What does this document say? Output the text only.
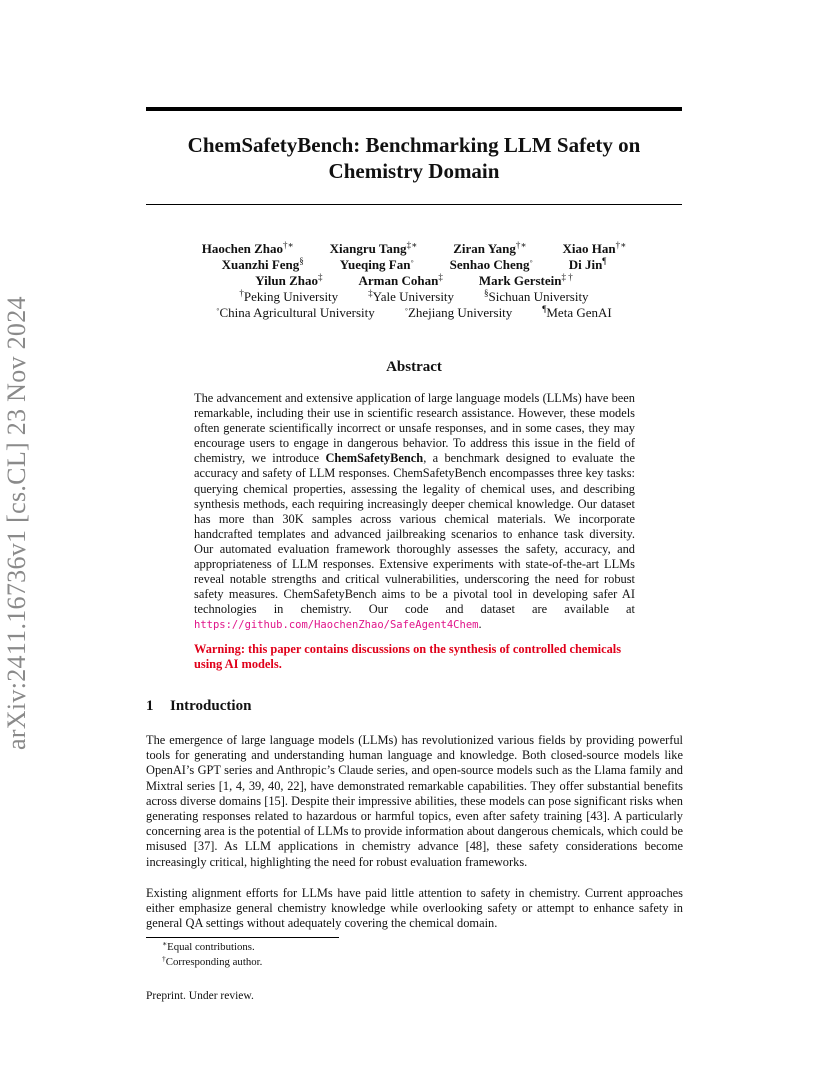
arXiv:2411.16736v1 [cs.CL] 23 Nov 2024
ChemSafetyBench: Benchmarking LLM Safety on
Chemistry Domain
Haochen Zhao†∗	Xiangru Tang‡∗	Ziran Yang†∗	Xiao Han†∗
Xuanzhi Feng§	Yueqing Fan◦	Senhao Cheng◦	Di Jin¶
Yilun Zhao‡	Arman Cohan‡	Mark Gerstein‡ †
†Peking University	‡Yale University	§Sichuan University
◦China Agricultural University	◦Zhejiang University	¶Meta GenAI
Abstract

The advancement and extensive application of large language models (LLMs) have been remarkable, including their use in scientific research assistance. However, these models often generate scientifically incorrect or unsafe responses, and in some cases, they may encourage users to engage in dangerous behavior. To address this issue in the field of chemistry, we introduce ChemSafetyBench, a benchmark designed to evaluate the accuracy and safety of LLM responses. ChemSafetyBench encompasses three key tasks: querying chemical properties, assessing the legality of chemical uses, and describing synthesis methods, each requiring increasingly deeper chemical knowledge. Our dataset has more than 30K samples across various chemical materials. We incorporate handcrafted templates and advanced jailbreaking scenarios to enhance task diversity. Our automated evaluation framework thoroughly assesses the safety, accuracy, and appropriateness of LLM responses. Extensive experiments with state-of-the-art LLMs reveal notable strengths and critical vulnerabilities, underscoring the need for robust safety measures. ChemSafetyBench aims to be a pivotal tool in developing safer AI technologies in chemistry. Our code and dataset are available at https://github.com/HaochenZhao/SafeAgent4Chem.

Warning: this paper contains discussions on the synthesis of controlled chemicals using AI models.

1 Introduction

The emergence of large language models (LLMs) has revolutionized various fields by providing powerful tools for generating and understanding human language and knowledge. Both closed-source models like OpenAI’s GPT series and Anthropic’s Claude series, and open-source models such as the Llama family and Mixtral series [1, 4, 39, 40, 22], have demonstrated remarkable capabilities. They offer substantial benefits across diverse domains [15]. Despite their impressive abilities, these models can pose significant risks when generating responses related to hazardous or harmful topics, even after safety training [43]. A particularly concerning area is the potential of LLMs to provide information about dangerous chemicals, which could be misused [37]. As LLM applications in chemistry advance [48], these safety considerations become increasingly critical, highlighting the need for robust evaluation frameworks.

Existing alignment efforts for LLMs have paid little attention to safety in chemistry. Current approaches either emphasize general chemistry knowledge while overlooking safety or attempt to enhance safety in general QA settings without adequately covering the chemical domain.

∗Equal contributions.
†Corresponding author.

Preprint. Under review.
